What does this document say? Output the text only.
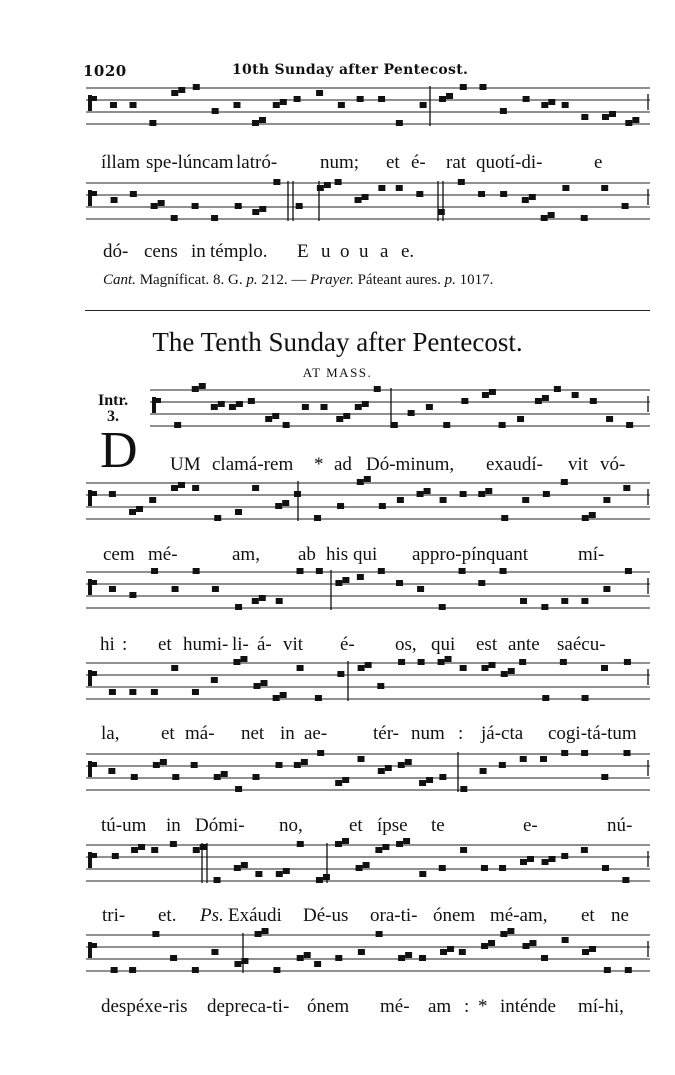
1020	10th Sunday after Pentecost.
íllam spe-lúncam latró- num; et é- rat quotí-di-	e
dó- cens in témplo. E u o u a e.
Cant. Magníficat. 8. G. p. 212. — Prayer. Páteant aures. p. 1017.
The Tenth Sunday after Pentecost.
AT MASS.
Intr.
3.
D UM clamá-rem * ad Dó-minum, exaudí- vit vó-
cem mé-	am, ab his qui appro-pínquant	mí-
hi : et humi- li- á- vit é- os, qui est ante saécu-
la, et má- net in ae- tér- num : já-cta cogi-tá-tum
tú-um in Dómi- no, et ípse te	e-	nú-
tri- et. Ps. Exáudi Dé-us ora-ti- ónem mé-am, et ne
despéxe-ris depreca-ti- ónem mé- am : * inténde mí-hi,
